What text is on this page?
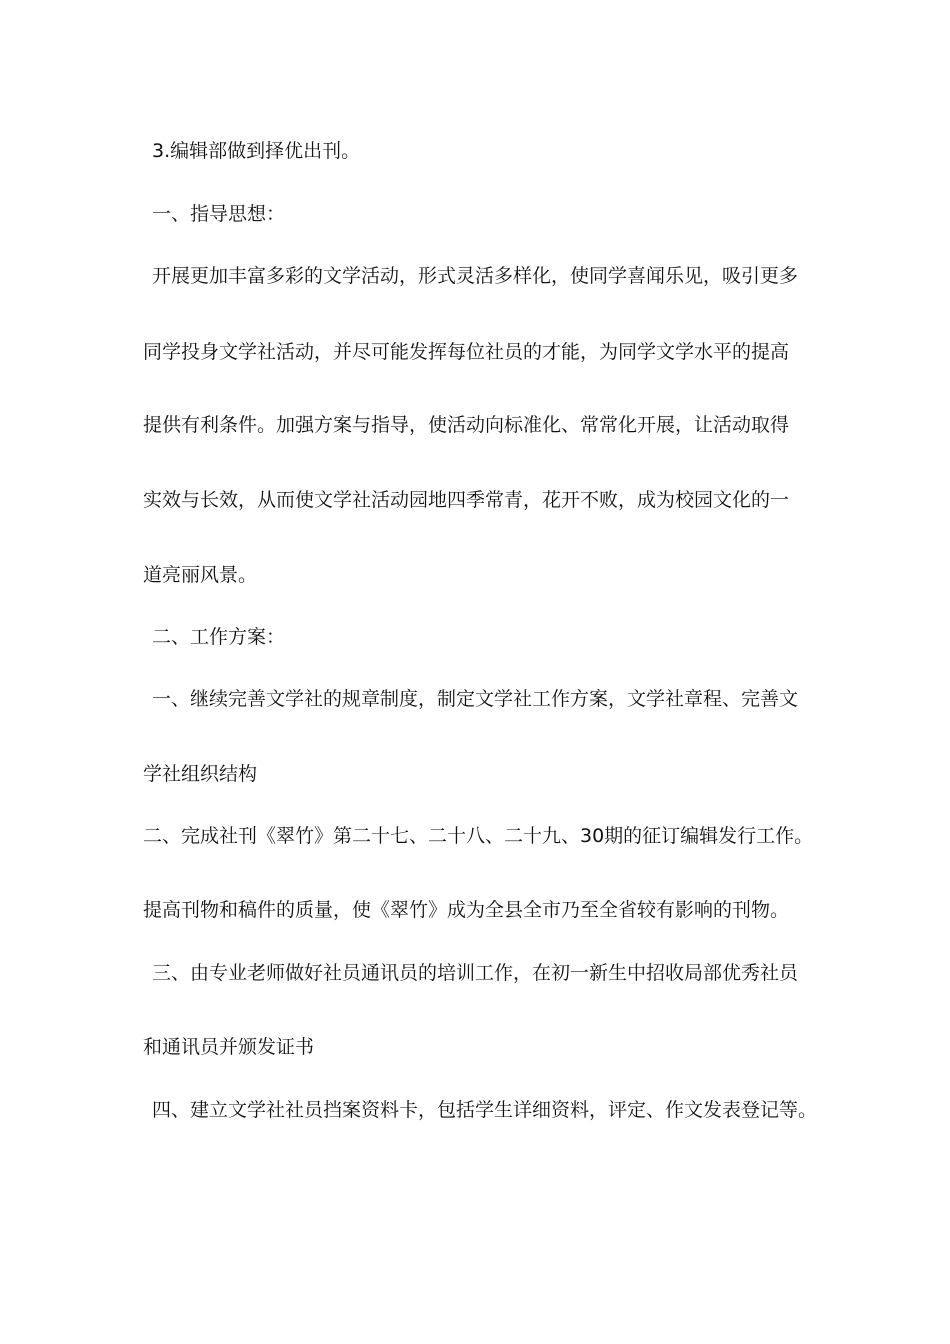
3.编辑部做到择优出刊。
一、指导思想：
开展更加丰富多彩的文学活动，形式灵活多样化，使同学喜闻乐见，吸引更多
同学投身文学社活动，并尽可能发挥每位社员的才能，为同学文学水平的提高
提供有利条件。加强方案与指导，使活动向标准化、常常化开展，让活动取得
实效与长效，从而使文学社活动园地四季常青，花开不败，成为校园文化的一
道亮丽风景。
二、工作方案：
一、继续完善文学社的规章制度，制定文学社工作方案，文学社章程、完善文
学社组织结构
二、完成社刊《翠竹》第二十七、二十八、二十九、30期的征订编辑发行工作。
提高刊物和稿件的质量，使《翠竹》成为全县全市乃至全省较有影响的刊物。
三、由专业老师做好社员通讯员的培训工作，在初一新生中招收局部优秀社员
和通讯员并颁发证书
四、建立文学社社员挡案资料卡，包括学生详细资料，评定、作文发表登记等。
